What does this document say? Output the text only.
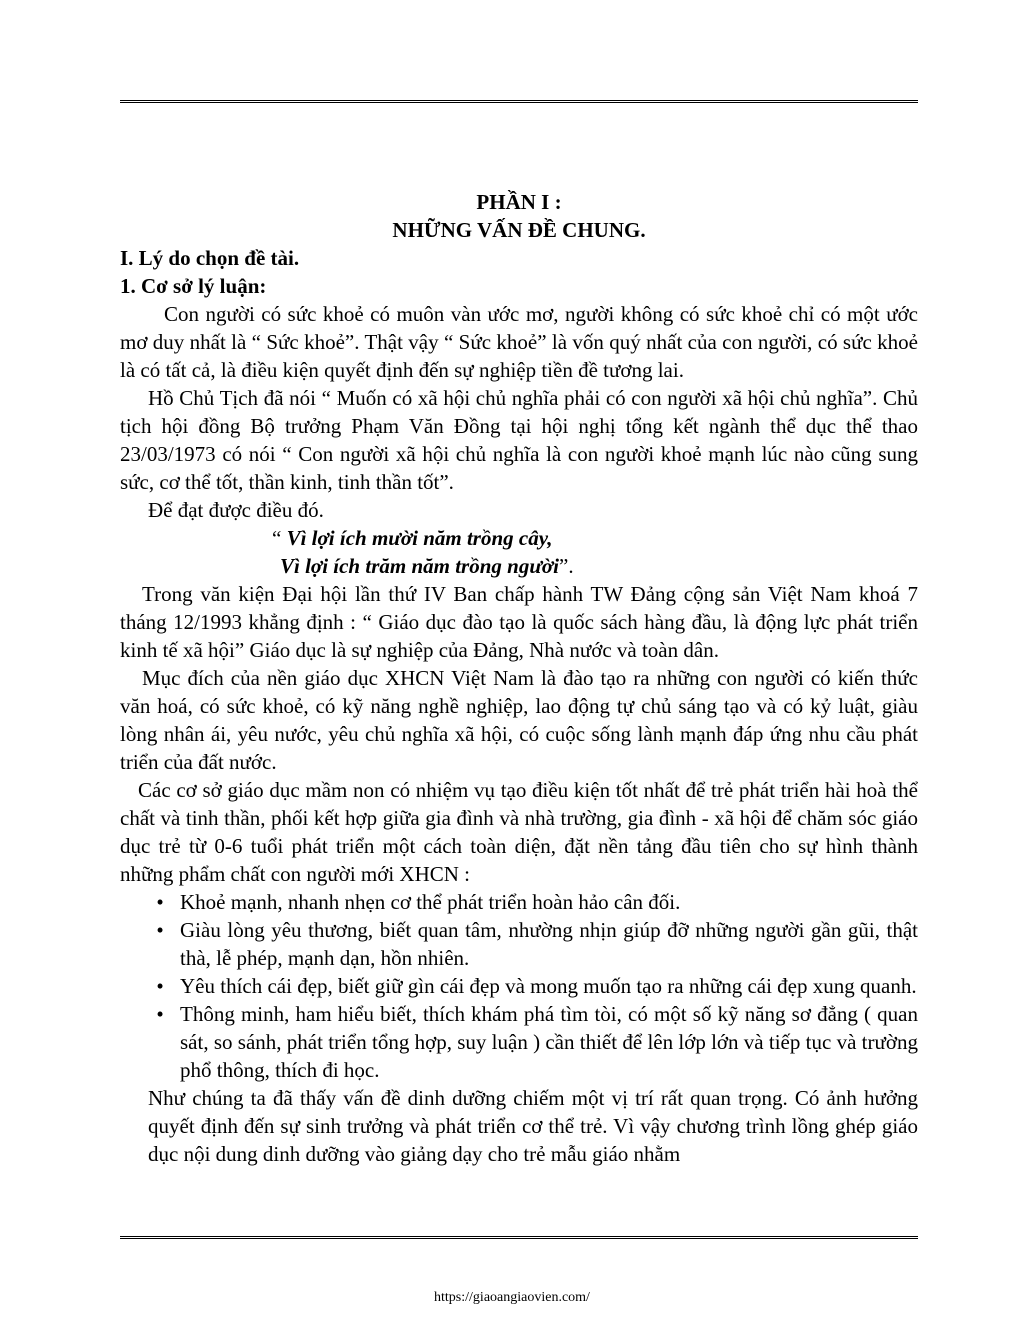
PHẦN I :

NHỮNG VẤN ĐỀ CHUNG.

I. Lý do chọn đề tài.

1. Cơ sở lý luận:

Con người có sức khoẻ có muôn vàn ước mơ, người không có sức khoẻ chỉ có một ước mơ duy nhất là “ Sức khoẻ”. Thật vậy “ Sức khoẻ” là vốn quý nhất của con người, có sức khoẻ là có tất cả, là điều kiện quyết định đến sự nghiệp tiền đề tương lai.

Hồ Chủ Tịch đã nói “ Muốn có xã hội chủ nghĩa phải có con người xã hội chủ nghĩa”. Chủ tịch hội đồng Bộ trưởng Phạm Văn Đồng tại hội nghị tổng kết ngành thể dục thể thao 23/03/1973 có nói “ Con người xã hội chủ nghĩa là con người khoẻ mạnh lúc nào cũng sung sức, cơ thể tốt, thần kinh, tinh thần tốt”.

Để đạt được điều đó.

“ Vì lợi ích mười năm trồng cây,

Vì lợi ích trăm năm trồng người”.

Trong văn kiện Đại hội lần thứ IV Ban chấp hành TW Đảng cộng sản Việt Nam khoá 7 tháng 12/1993 khẳng định : “ Giáo dục đào tạo là quốc sách hàng đầu, là động lực phát triển kinh tế xã hội” Giáo dục là sự nghiệp của Đảng, Nhà nước và toàn dân.

Mục đích của nền giáo dục XHCN Việt Nam là đào tạo ra những con người có kiến thức văn hoá, có sức khoẻ, có kỹ năng nghề nghiệp, lao động tự chủ sáng tạo và có kỷ luật, giàu lòng nhân ái, yêu nước, yêu chủ nghĩa xã hội, có cuộc sống lành mạnh đáp ứng nhu cầu phát triển của đất nước.

Các cơ sở giáo dục mầm non có nhiệm vụ tạo điều kiện tốt nhất để trẻ phát triển hài hoà thể chất và tinh thần, phối kết hợp giữa gia đình và nhà trường, gia đình - xã hội để chăm sóc giáo dục trẻ từ 0-6 tuổi phát triển một cách toàn diện, đặt nền tảng đầu tiên cho sự hình thành những phẩm chất con người mới XHCN :

• Khoẻ mạnh, nhanh nhẹn cơ thể phát triển hoàn hảo cân đối.
• Giàu lòng yêu thương, biết quan tâm, nhường nhịn giúp đỡ những người gần gũi, thật thà, lễ phép, mạnh dạn, hồn nhiên.
• Yêu thích cái đẹp, biết giữ gìn cái đẹp và mong muốn tạo ra những cái đẹp xung quanh.
• Thông minh, ham hiểu biết, thích khám phá tìm tòi, có một số kỹ năng sơ đẳng ( quan sát, so sánh, phát triển tổng hợp, suy luận ) cần thiết để lên lớp lớn và tiếp tục và trường phổ thông, thích đi học.

Như chúng ta đã thấy vấn đề dinh dưỡng chiếm một vị trí rất quan trọng. Có ảnh hưởng quyết định đến sự sinh trưởng và phát triển cơ thể trẻ. Vì vậy chương trình lồng ghép giáo dục nội dung dinh dưỡng vào giảng dạy cho trẻ mẫu giáo nhằm

https://giaoangiaovien.com/
